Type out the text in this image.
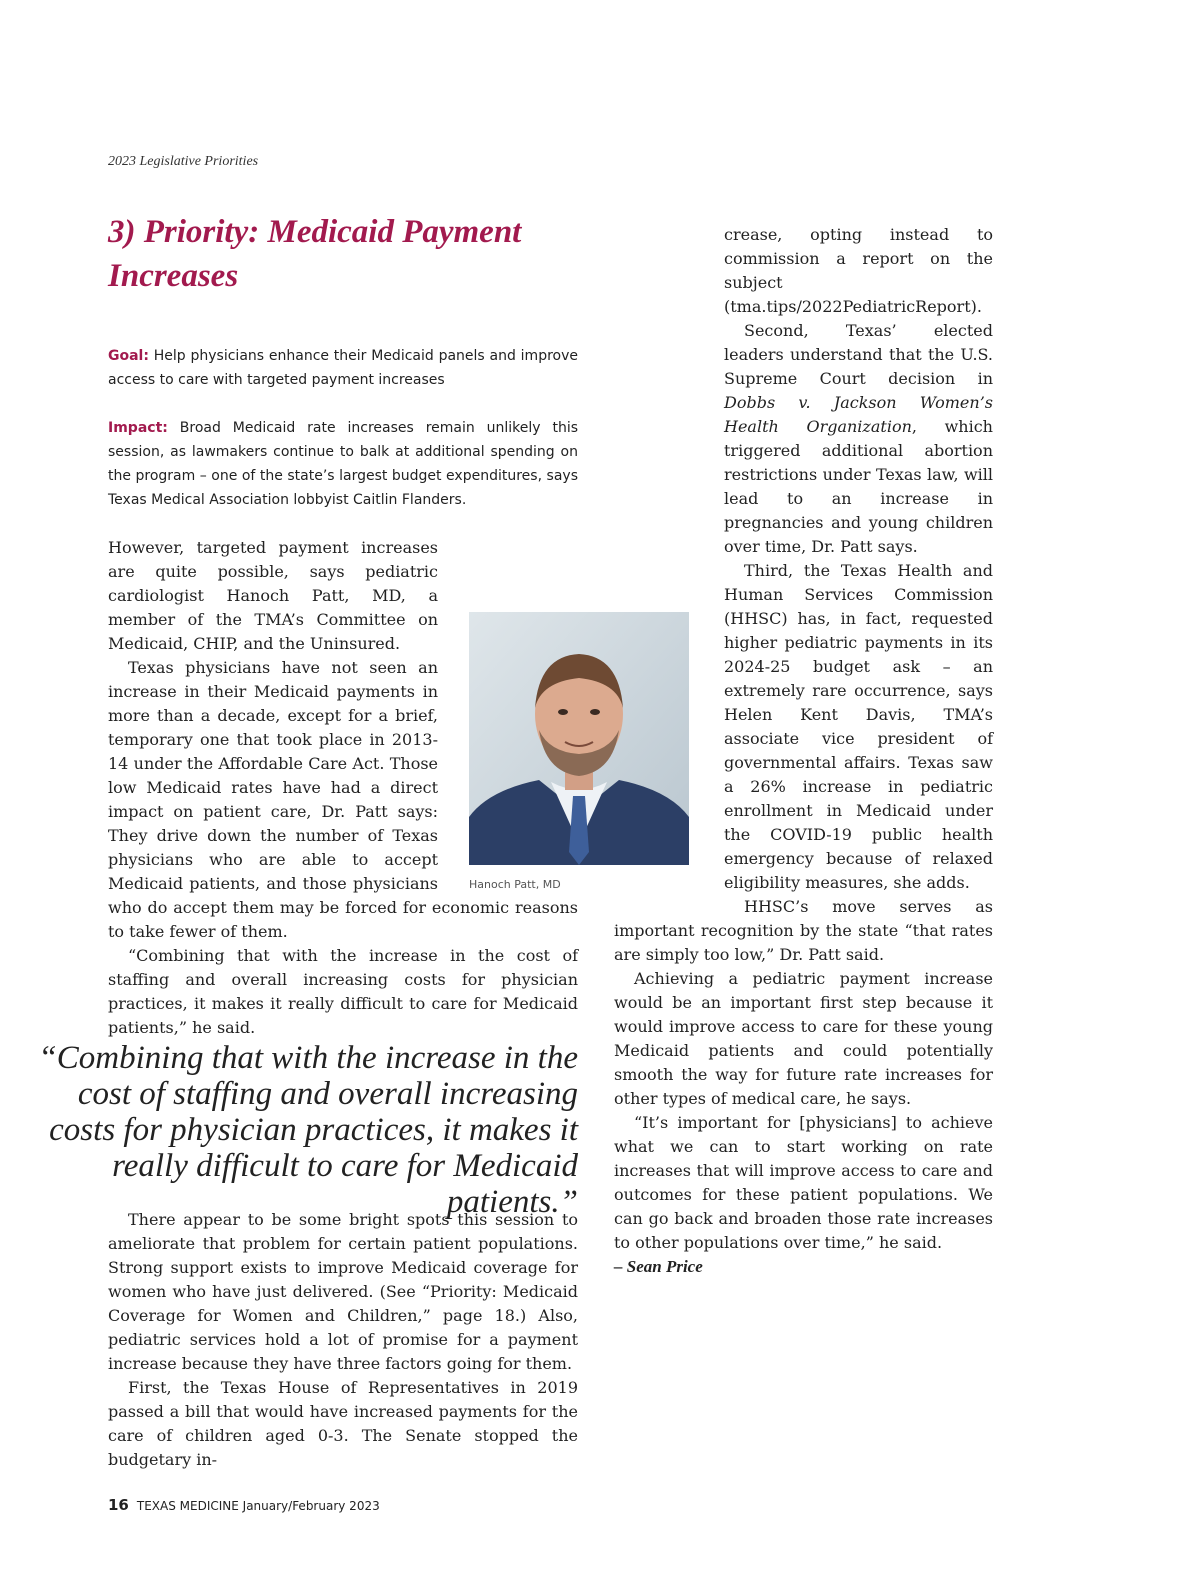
2023 Legislative Priorities
3) Priority: Medicaid Payment Increases

Goal: Help physicians enhance their Medicaid panels and improve access to care with targeted payment increases

Impact: Broad Medicaid rate increases remain unlikely this session, as lawmakers continue to balk at additional spending on the program – one of the state’s largest budget expenditures, says Texas Medical Association lobbyist Caitlin Flanders.

However, targeted payment increases are quite possible, says pediatric cardiologist Hanoch Patt, MD, a member of the TMA’s Committee on Medicaid, CHIP, and the Uninsured.

Texas physicians have not seen an increase in their Medicaid payments in more than a decade, except for a brief, temporary one that took place in 2013-14 under the Affordable Care Act. Those low Medicaid rates have had a direct impact on patient care, Dr. Patt says: They drive down the number of Texas physicians who are able to accept Medicaid patients, and those physicians who do accept them may be forced for economic reasons to take fewer of them.

“Combining that with the increase in the cost of staffing and overall increasing costs for physician practices, it makes it really difficult to care for Medicaid patients,” he said.

Hanoch Patt, MD

“Combining that with the increase in the cost of staffing and overall increasing costs for physician practices, it makes it really difficult to care for Medicaid patients.”

There appear to be some bright spots this session to ameliorate that problem for certain patient populations. Strong support exists to improve Medicaid coverage for women who have just delivered. (See “Priority: Medicaid Coverage for Women and Children,” page 18.) Also, pediatric services hold a lot of promise for a payment increase because they have three factors going for them.

First, the Texas House of Representatives in 2019 passed a bill that would have increased payments for the care of children aged 0-3. The Senate stopped the budgetary in-

crease, opting instead to commission a report on the subject (tma.tips/2022PediatricReport).

Second, Texas’ elected leaders understand that the U.S. Supreme Court decision in Dobbs v. Jackson Women’s Health Organization, which triggered additional abortion restrictions under Texas law, will lead to an increase in pregnancies and young children over time, Dr. Patt says.

Third, the Texas Health and Human Services Commission (HHSC) has, in fact, requested higher pediatric payments in its 2024-25 budget ask – an extremely rare occurrence, says Helen Kent Davis, TMA’s associate vice president of governmental affairs. Texas saw a 26% increase in pediatric enrollment in Medicaid under the COVID-19 public health emergency because of relaxed eligibility measures, she adds.

HHSC’s move serves as important recognition by the state “that rates are simply too low,” Dr. Patt said.

Achieving a pediatric payment increase would be an important first step because it would improve access to care for these young Medicaid patients and could potentially smooth the way for future rate increases for other types of medical care, he says.

“It’s important for [physicians] to achieve what we can to start working on rate increases that will improve access to care and outcomes for these patient populations. We can go back and broaden those rate increases to other populations over time,” he said.

– Sean Price

16 TEXAS MEDICINE January/February 2023
